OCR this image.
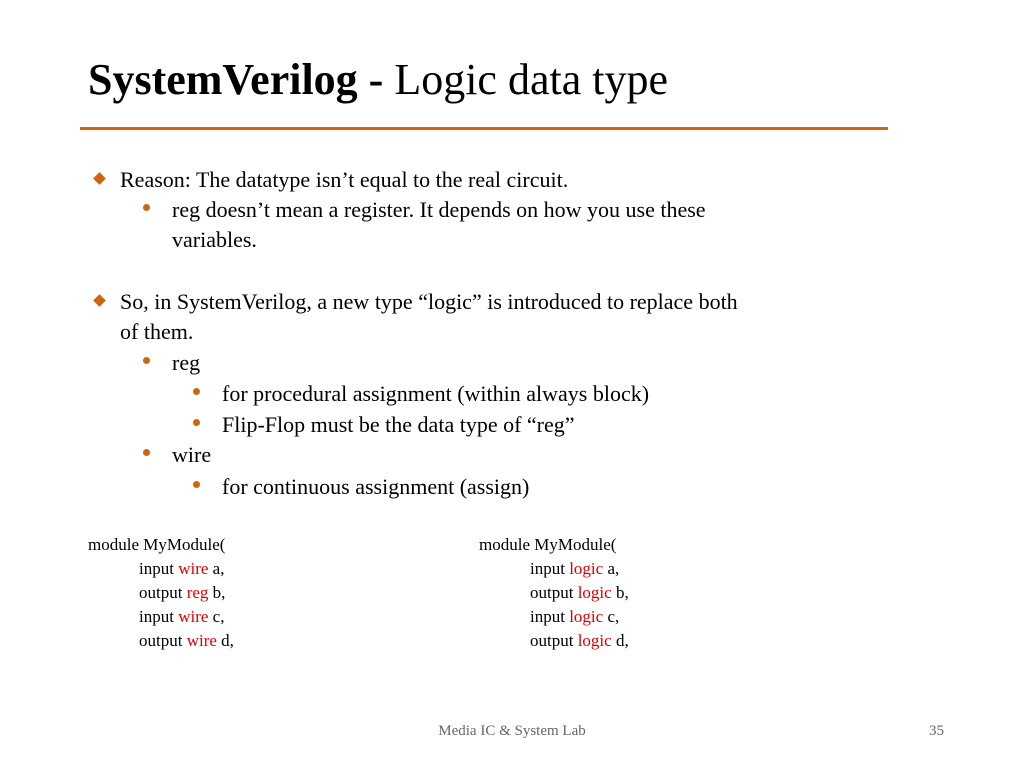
SystemVerilog - Logic data type
Reason: The datatype isn’t equal to the real circuit.
reg doesn’t mean a register. It depends on how you use these
variables.
So, in SystemVerilog, a new type “logic” is introduced to replace both
of them.
reg
for procedural assignment (within always block)
Flip-Flop must be the data type of “reg”
wire
for continuous assignment (assign)
module MyModule(
input wire a,
output reg b,
input wire c,
output wire d,
module MyModule(
input logic a,
output logic b,
input logic c,
output logic d,
Media IC & System Lab	35
